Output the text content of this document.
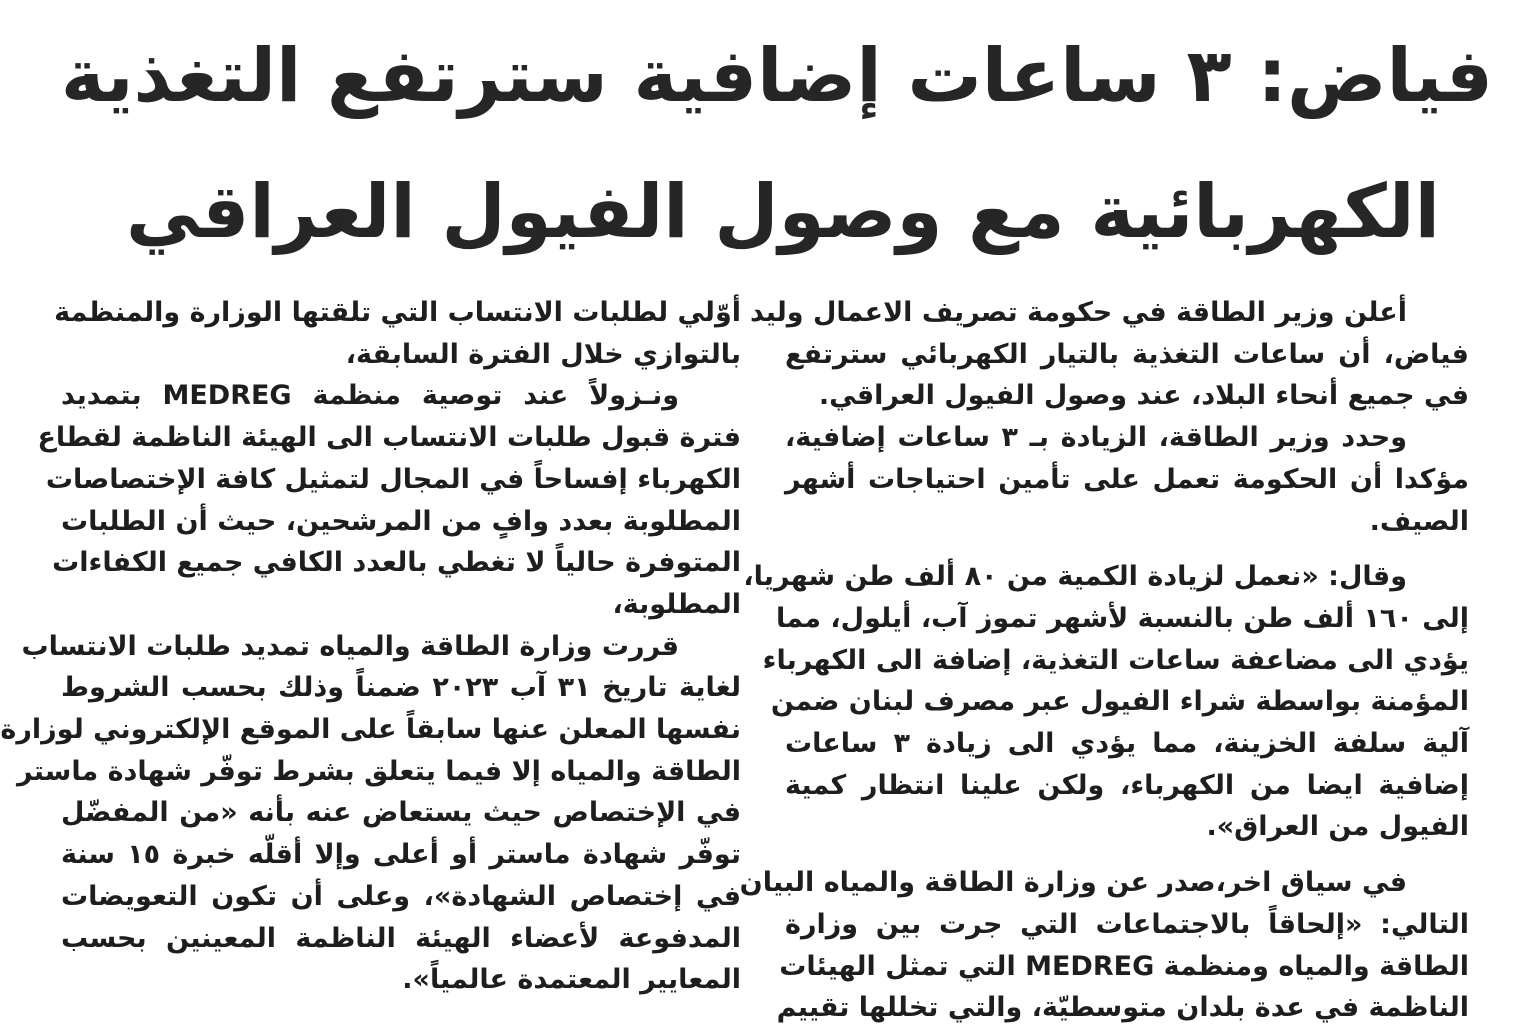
فياض: ٣ ساعات إضافية سترتفع التغذية
الكهربائية مع وصول الفيول العراقي

أعلن وزير الطاقة في حكومة تصريف الاعمال وليد
فياض، أن ساعات التغذية بالتيار الكهربائي سترتفع
في جميع أنحاء البلاد، عند وصول الفيول العراقي.

وحدد وزير الطاقة، الزيادة بـ ٣ ساعات إضافية،
مؤكدا أن الحكومة تعمل على تأمين احتياجات أشهر
الصيف.

وقال: «نعمل لزيادة الكمية من ٨٠ ألف طن شهريا،
إلى ١٦٠ ألف طن بالنسبة لأشهر تموز آب، أيلول، مما
يؤدي الى مضاعفة ساعات التغذية، إضافة الى الكهرباء
المؤمنة بواسطة شراء الفيول عبر مصرف لبنان ضمن
آلية سلفة الخزينة، مما يؤدي الى زيادة ٣ ساعات
إضافية ايضا من الكهرباء، ولكن علينا انتظار كمية
الفيول من العراق».

في سياق اخر،صدر عن وزارة الطاقة والمياه البيان
التالي: «إلحاقاً بالاجتماعات التي جرت بين وزارة
الطاقة والمياه ومنظمة MEDREG التي تمثل الهيئات
الناظمة في عدة بلدان متوسطيّة، والتي تخللها تقييم

أوّلي لطلبات الانتساب التي تلقتها الوزارة والمنظمة
بالتوازي خلال الفترة السابقة،

ونـزولاً عند توصية منظمة MEDREG بتمديد
فترة قبول طلبات الانتساب الى الهيئة الناظمة لقطاع
الكهرباء إفساحاً في المجال لتمثيل كافة الإختصاصات
المطلوبة بعدد وافٍ من المرشحين، حيث أن الطلبات
المتوفرة حالياً لا تغطي بالعدد الكافي جميع الكفاءات
المطلوبة،

قررت وزارة الطاقة والمياه تمديد طلبات الانتساب
لغاية تاريخ ٣١ آب ٢٠٢٣ ضمناً وذلك بحسب الشروط
نفسها المعلن عنها سابقاً على الموقع الإلكتروني لوزارة
الطاقة والمياه إلا فيما يتعلق بشرط توفّر شهادة ماستر
في الإختصاص حيث يستعاض عنه بأنه «من المفضّل
توفّر شهادة ماستر أو أعلى وإلا أقلّه خبرة ١٥ سنة
في إختصاص الشهادة»، وعلى أن تكون التعويضات
المدفوعة لأعضاء الهيئة الناظمة المعينين بحسب
المعايير المعتمدة عالمياً».
